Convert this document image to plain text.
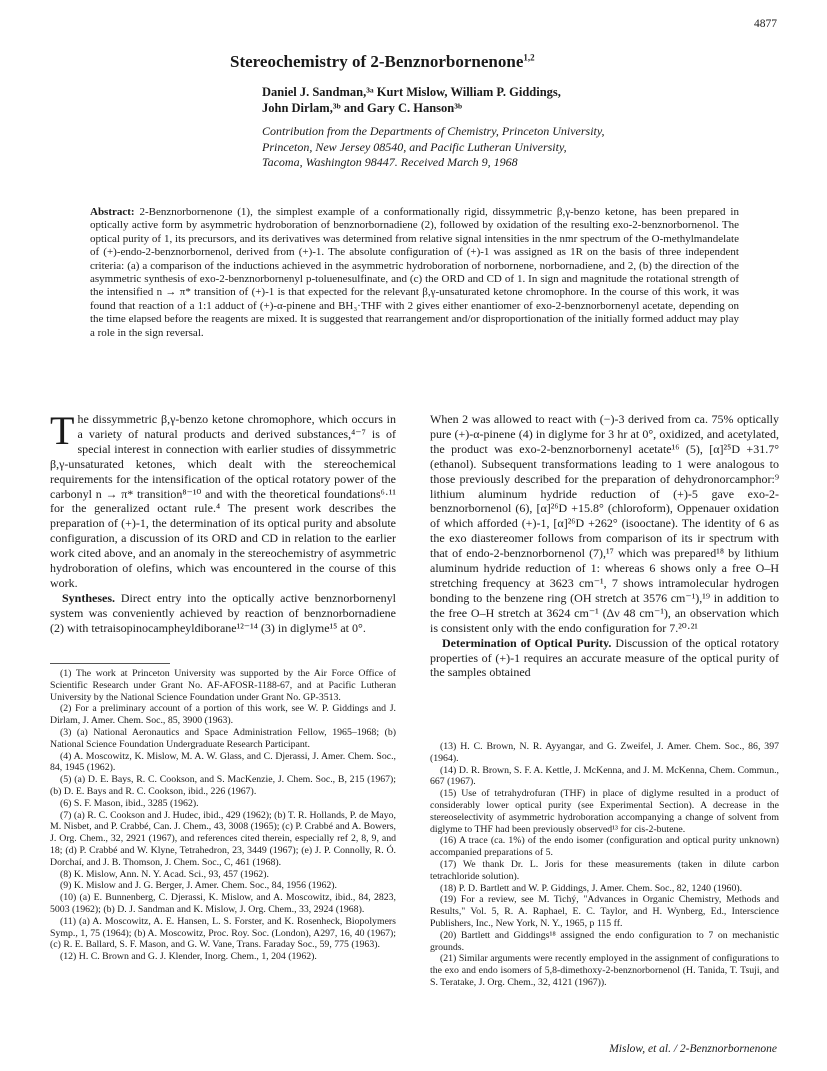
4877
Stereochemistry of 2-Benznorbornenone$^{1,2}$
Daniel J. Sandman,³ᵃ Kurt Mislow, William P. Giddings,
John Dirlam,³ᵇ and Gary C. Hanson³ᵇ
Contribution from the Departments of Chemistry, Princeton University,
Princeton, New Jersey 08540, and Pacific Lutheran University,
Tacoma, Washington 98447. Received March 9, 1968
Abstract: 2-Benznorbornenone (1), the simplest example of a conformationally rigid, dissymmetric β,γ-benzo ketone, has been prepared in optically active form by asymmetric hydroboration of benznorbornadiene (2), followed by oxidation of the resulting exo-2-benznorbornenol. The optical purity of 1, its precursors, and its derivatives was determined from relative signal intensities in the nmr spectrum of the O-methylmandelate of (+)-endo-2-benznorbornenol, derived from (+)-1. The absolute configuration of (+)-1 was assigned as 1R on the basis of three independent criteria: (a) a comparison of the inductions achieved in the asymmetric hydroboration of norbornene, norbornadiene, and 2, (b) the direction of the asymmetric synthesis of exo-2-benznorbornenyl p-toluenesulfinate, and (c) the ORD and CD of 1. In sign and magnitude the rotational strength of the intensified n → π* transition of (+)-1 is that expected for the relevant β,γ-unsaturated ketone chromophore. In the course of this work, it was found that reaction of a 1:1 adduct of (+)-α-pinene and BH₃·THF with 2 gives either enantiomer of exo-2-benznorbornenyl acetate, depending on the time elapsed before the reagents are mixed. It is suggested that rearrangement and/or disproportionation of the initially formed adduct may play a role in the sign reversal.

The dissymmetric β,γ-benzo ketone chromophore, which occurs in a variety of natural products and derived substances,⁴⁻⁷ is of special interest in connection with earlier studies of dissymmetric β,γ-unsaturated ketones, which dealt with the stereochemical requirements for the intensification of the optical rotatory power of the carbonyl n → π* transition⁸⁻¹⁰ and with the theoretical foundations⁶·¹¹ for the generalized octant rule.⁴ The present work describes the preparation of (+)-1, the determination of its optical purity and absolute configuration, a discussion of its ORD and CD in relation to the earlier work cited above, and an anomaly in the stereochemistry of asymmetric hydroboration of olefins, which was encountered in the course of this work.

Syntheses. Direct entry into the optically active benznorbornenyl system was conveniently achieved by reaction of benznorbornadiene (2) with tetraisopinocampheyldiborane¹²⁻¹⁴ (3) in diglyme¹⁵ at 0°.

When 2 was allowed to react with (−)-3 derived from ca. 75% optically pure (+)-α-pinene (4) in diglyme for 3 hr at 0°, oxidized, and acetylated, the product was exo-2-benznorbornenyl acetate¹⁶ (5), [α]²⁵D +31.7° (ethanol). Subsequent transformations leading to 1 were analogous to those previously described for the preparation of dehydronorcamphor:⁹ lithium aluminum hydride reduction of (+)-5 gave exo-2-benznorbornenol (6), [α]²⁶D +15.8° (chloroform), Oppenauer oxidation of which afforded (+)-1, [α]²⁶D +262° (isooctane). The identity of 6 as the exo diastereomer follows from comparison of its ir spectrum with that of endo-2-benznorbornenol (7),¹⁷ which was prepared¹⁸ by lithium aluminum hydride reduction of 1: whereas 6 shows only a free O–H stretching frequency at 3623 cm⁻¹, 7 shows intramolecular hydrogen bonding to the benzene ring (OH stretch at 3576 cm⁻¹),¹⁹ in addition to the free O–H stretch at 3624 cm⁻¹ (Δν 48 cm⁻¹), an observation which is consistent only with the endo configuration for 7.²⁰·²¹

Determination of Optical Purity. Discussion of the optical rotatory properties of (+)-1 requires an accurate measure of the optical purity of the samples obtained

(1) The work at Princeton University was supported by the Air Force Office of Scientific Research under Grant No. AF-AFOSR-1188-67, and at Pacific Lutheran University by the National Science Foundation under Grant No. GP-3513.

(2) For a preliminary account of a portion of this work, see W. P. Giddings and J. Dirlam, J. Amer. Chem. Soc., 85, 3900 (1963).

(3) (a) National Aeronautics and Space Administration Fellow, 1965–1968; (b) National Science Foundation Undergraduate Research Participant.

(4) A. Moscowitz, K. Mislow, M. A. W. Glass, and C. Djerassi, J. Amer. Chem. Soc., 84, 1945 (1962).

(5) (a) D. E. Bays, R. C. Cookson, and S. MacKenzie, J. Chem. Soc., B, 215 (1967); (b) D. E. Bays and R. C. Cookson, ibid., 226 (1967).

(6) S. F. Mason, ibid., 3285 (1962).

(7) (a) R. C. Cookson and J. Hudec, ibid., 429 (1962); (b) T. R. Hollands, P. de Mayo, M. Nisbet, and P. Crabbé, Can. J. Chem., 43, 3008 (1965); (c) P. Crabbé and A. Bowers, J. Org. Chem., 32, 2921 (1967), and references cited therein, especially ref 2, 8, 9, and 18; (d) P. Crabbé and W. Klyne, Tetrahedron, 23, 3449 (1967); (e) J. P. Connolly, R. Ó. Dorchaí, and J. B. Thomson, J. Chem. Soc., C, 461 (1968).

(8) K. Mislow, Ann. N. Y. Acad. Sci., 93, 457 (1962).

(9) K. Mislow and J. G. Berger, J. Amer. Chem. Soc., 84, 1956 (1962).

(10) (a) E. Bunnenberg, C. Djerassi, K. Mislow, and A. Moscowitz, ibid., 84, 2823, 5003 (1962); (b) D. J. Sandman and K. Mislow, J. Org. Chem., 33, 2924 (1968).

(11) (a) A. Moscowitz, A. E. Hansen, L. S. Forster, and K. Rosenheck, Biopolymers Symp., 1, 75 (1964); (b) A. Moscowitz, Proc. Roy. Soc. (London), A297, 16, 40 (1967); (c) R. E. Ballard, S. F. Mason, and G. W. Vane, Trans. Faraday Soc., 59, 775 (1963).

(12) H. C. Brown and G. J. Klender, Inorg. Chem., 1, 204 (1962).

(13) H. C. Brown, N. R. Ayyangar, and G. Zweifel, J. Amer. Chem. Soc., 86, 397 (1964).

(14) D. R. Brown, S. F. A. Kettle, J. McKenna, and J. M. McKenna, Chem. Commun., 667 (1967).

(15) Use of tetrahydrofuran (THF) in place of diglyme resulted in a product of considerably lower optical purity (see Experimental Section). A decrease in the stereoselectivity of asymmetric hydroboration accompanying a change of solvent from diglyme to THF had been previously observed¹³ for cis-2-butene.

(16) A trace (ca. 1%) of the endo isomer (configuration and optical purity unknown) accompanied preparations of 5.

(17) We thank Dr. L. Joris for these measurements (taken in dilute carbon tetrachloride solution).

(18) P. D. Bartlett and W. P. Giddings, J. Amer. Chem. Soc., 82, 1240 (1960).

(19) For a review, see M. Tichý, "Advances in Organic Chemistry, Methods and Results," Vol. 5, R. A. Raphael, E. C. Taylor, and H. Wynberg, Ed., Interscience Publishers, Inc., New York, N. Y., 1965, p 115 ff.

(20) Bartlett and Giddings¹⁸ assigned the endo configuration to 7 on mechanistic grounds.

(21) Similar arguments were recently employed in the assignment of configurations to the exo and endo isomers of 5,8-dimethoxy-2-benznorbornenol (H. Tanida, T. Tsuji, and S. Teratake, J. Org. Chem., 32, 4121 (1967)).

Mislow, et al. / 2-Benznorbornenone
